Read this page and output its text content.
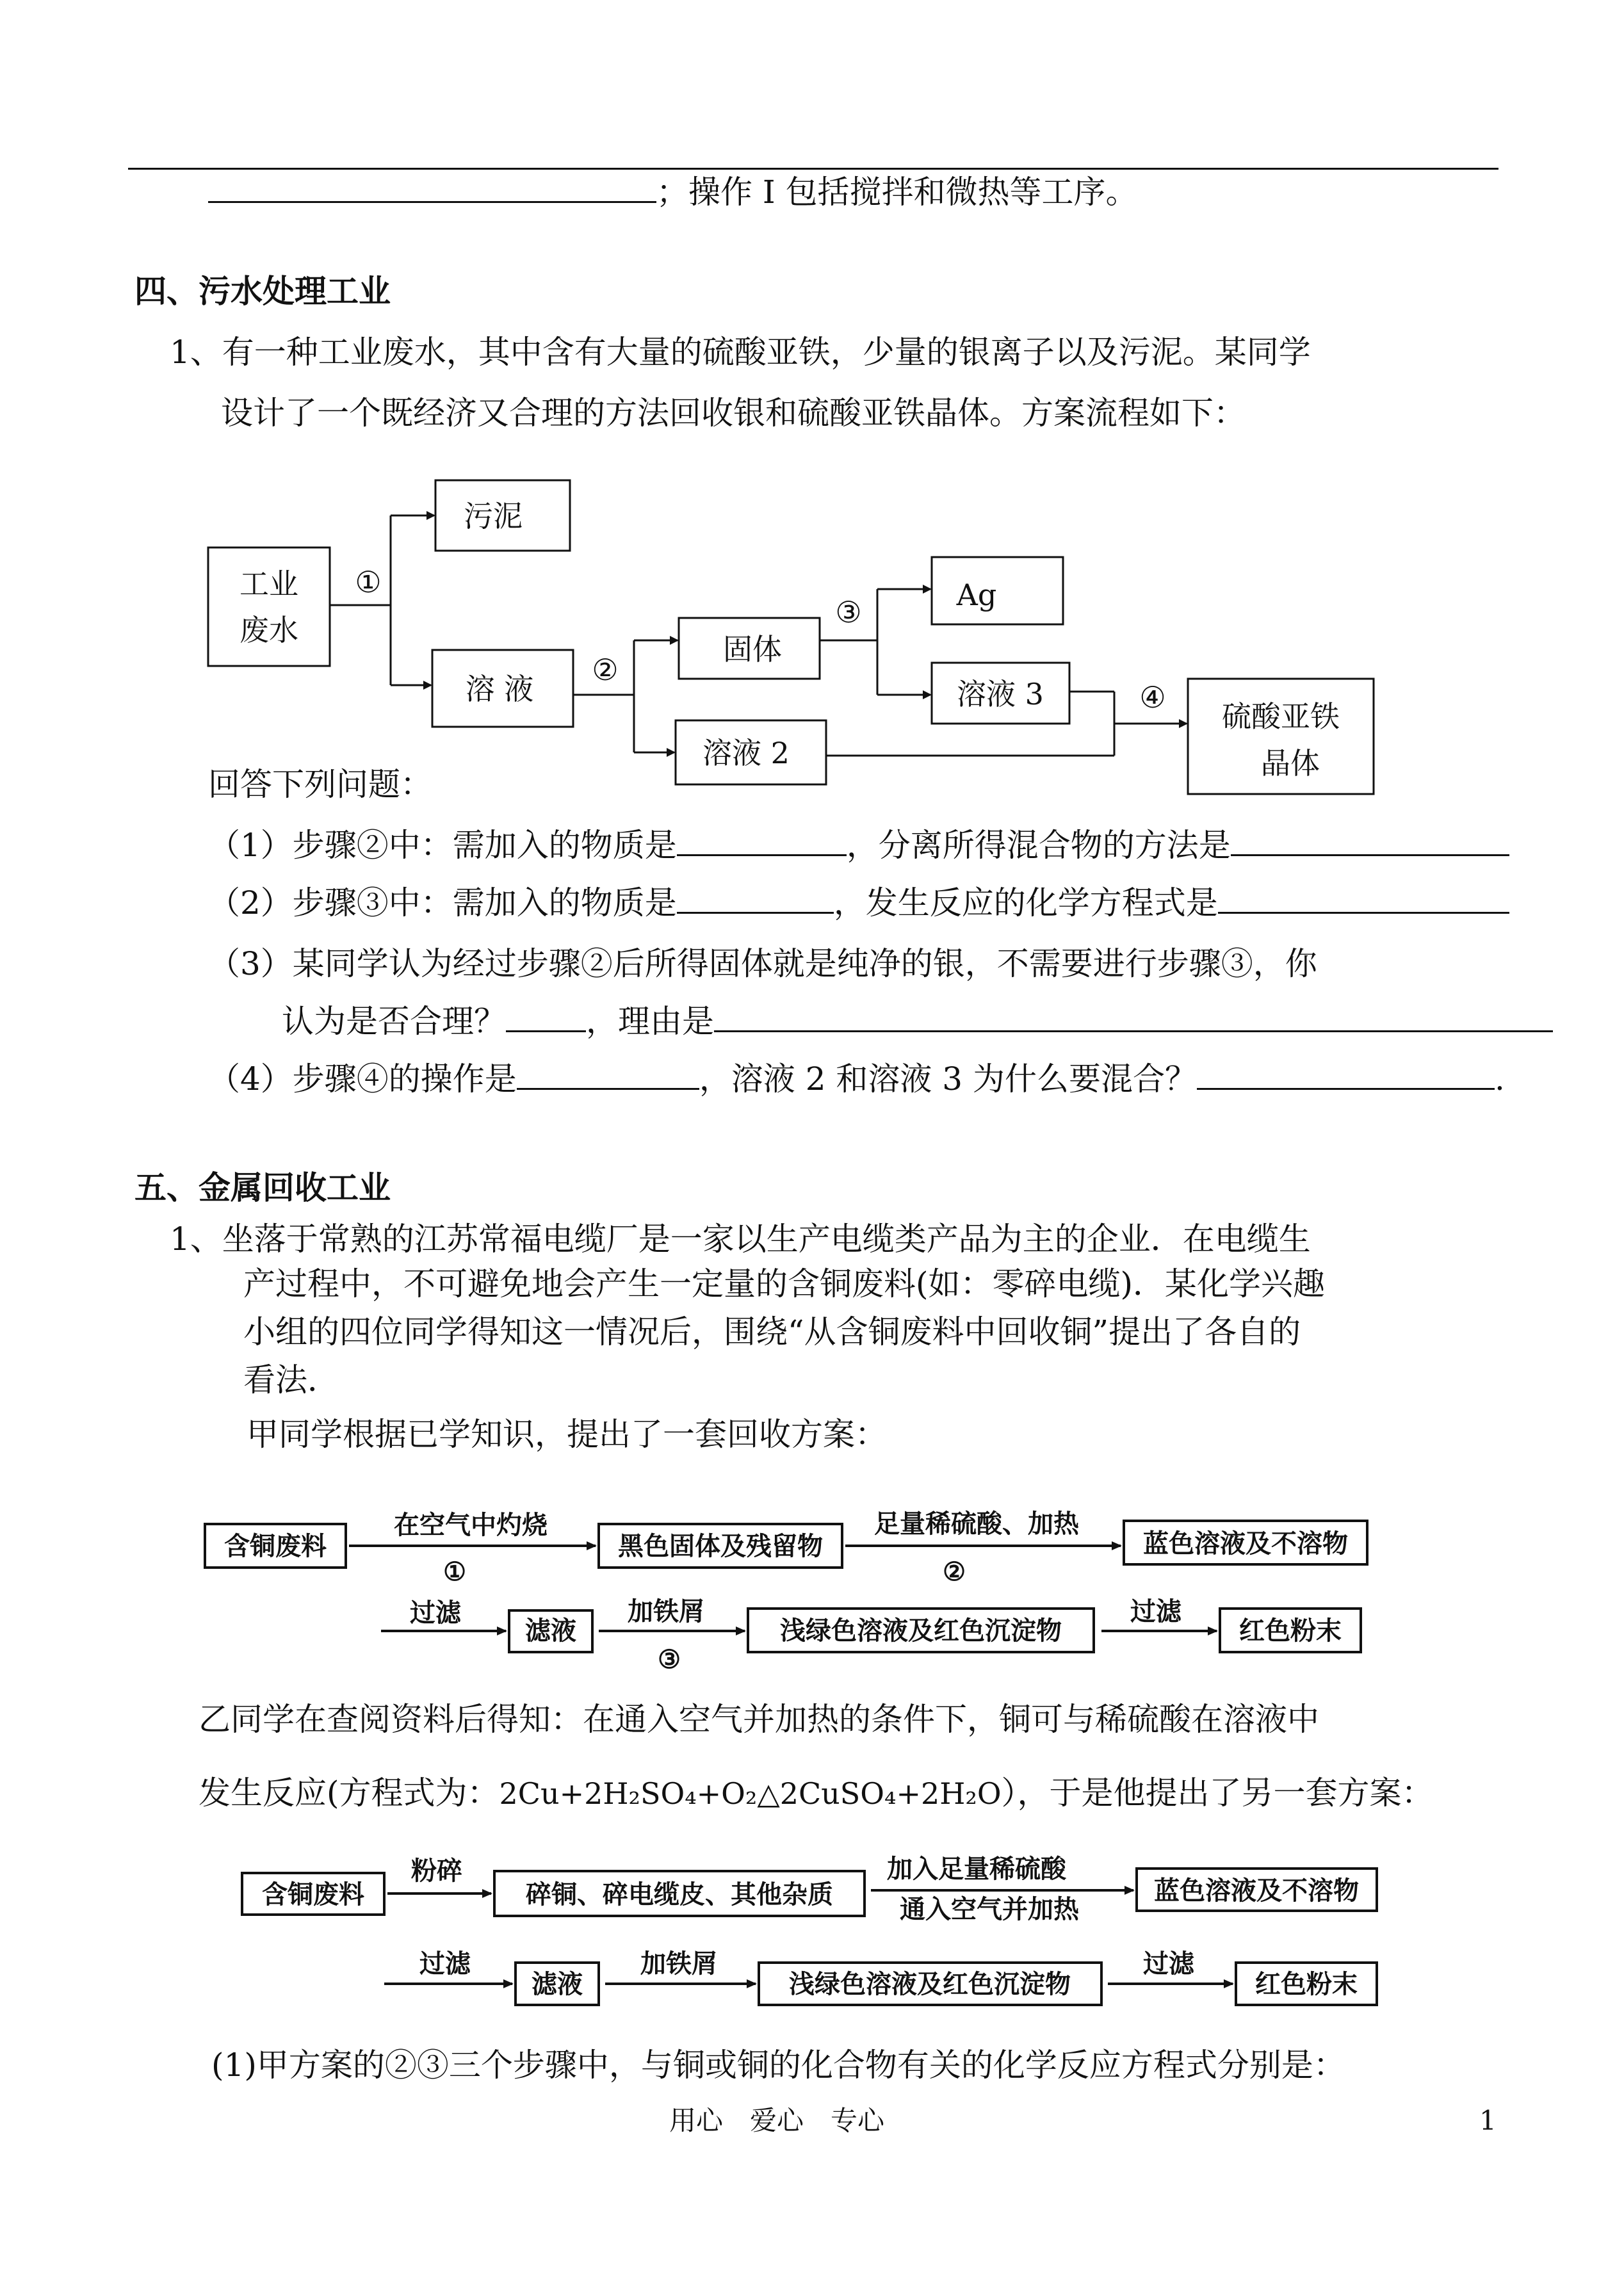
；操作 I 包括搅拌和微热等工序。
四、污水处理工业
1、有一种工业废水，其中含有大量的硫酸亚铁，少量的银离子以及污泥。某同学
设计了一个既经济又合理的方法回收银和硫酸亚铁晶体。方案流程如下：
工业
废水
污泥
溶 液
固体
溶液 2
Ag
溶液 3
硫酸亚铁
晶体
①
②
③
④
回答下列问题：
（1）步骤②中：需加入的物质是	，分离所得混合物的方法是
（2）步骤③中：需加入的物质是	，发生反应的化学方程式是
（3）某同学认为经过步骤②后所得固体就是纯净的银，不需要进行步骤③，你
认为是否合理？	，理由是
（4）步骤④的操作是	，溶液 2 和溶液 3 为什么要混合？	.
五、金属回收工业
1、坐落于常熟的江苏常福电缆厂是一家以生产电缆类产品为主的企业．在电缆生
产过程中，不可避免地会产生一定量的含铜废料(如：零碎电缆)．某化学兴趣
小组的四位同学得知这一情况后，围绕“从含铜废料中回收铜”提出了各自的
看法．
甲同学根据已学知识，提出了一套回收方案：
含铜废料
在空气中灼烧
①
黑色固体及残留物
足量稀硫酸、加热
②
蓝色溶液及不溶物
过滤
滤液
加铁屑
③
浅绿色溶液及红色沉淀物
过滤
红色粉末
含铜废料
粉碎
碎铜、碎电缆皮、其他杂质
加入足量稀硫酸
通入空气并加热
蓝色溶液及不溶物
过滤
滤液
加铁屑
浅绿色溶液及红色沉淀物
过滤
红色粉末
乙同学在查阅资料后得知：在通入空气并加热的条件下，铜可与稀硫酸在溶液中
发生反应(方程式为：2Cu+2H₂SO₄+O₂△2CuSO₄+2H₂O），于是他提出了另一套方案：
(1)甲方案的②③三个步骤中，与铜或铜的化合物有关的化学反应方程式分别是：
用心　爱心　专心	1
